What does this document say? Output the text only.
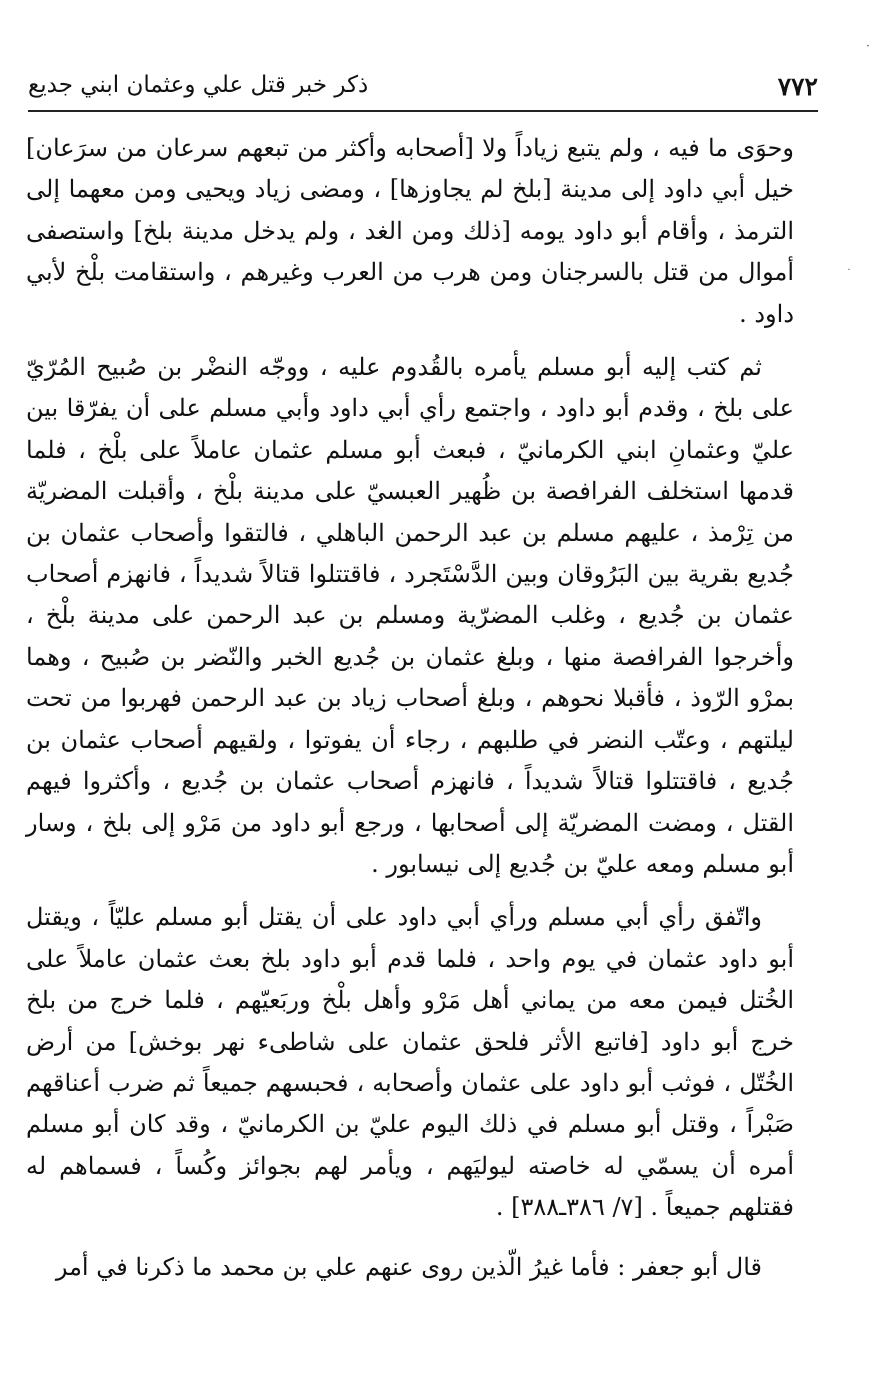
٧٧٢
ذكر خبر قتل علي وعثمان ابني جديع

وحوَى ما فيه ، ولم يتبع زياداً ولا [أصحابه وأكثر من تبعهم سرعان من سرَعان] خيل أبي داود إلى مدينة [بلخ لم يجاوزها] ، ومضى زياد ويحيى ومن معهما إلى الترمذ ، وأقام أبو داود يومه [ذلك ومن الغد ، ولم يدخل مدينة بلخ] واستصفى أموال من قتل بالسرجنان ومن هرب من العرب وغيرهم ، واستقامت بلْخ لأبي داود .

ثم كتب إليه أبو مسلم يأمره بالقُدوم عليه ، ووجّه النضْر بن صُبيح المُرّيّ على بلخ ، وقدم أبو داود ، واجتمع رأي أبي داود وأبي مسلم على أن يفرّقا بين عليّ وعثمانِ ابني الكرمانيّ ، فبعث أبو مسلم عثمان عاملاً على بلْخ ، فلما قدمها استخلف الفرافصة بن ظُهير العبسيّ على مدينة بلْخ ، وأقبلت المضريّة من تِرْمذ ، عليهم مسلم بن عبد الرحمن الباهلي ، فالتقوا وأصحاب عثمان بن جُديع بقرية بين البَرُوقان وبين الدَّسْتَجرد ، فاقتتلوا قتالاً شديداً ، فانهزم أصحاب عثمان بن جُديع ، وغلب المضرّية ومسلم بن عبد الرحمن على مدينة بلْخ ، وأخرجوا الفرافصة منها ، وبلغ عثمان بن جُديع الخبر والنّضر بن صُبيح ، وهما بمرْو الرّوذ ، فأقبلا نحوهم ، وبلغ أصحاب زياد بن عبد الرحمن فهربوا من تحت ليلتهم ، وعتّب النضر في طلبهم ، رجاء أن يفوتوا ، ولقيهم أصحاب عثمان بن جُديع ، فاقتتلوا قتالاً شديداً ، فانهزم أصحاب عثمان بن جُديع ، وأكثروا فيهم القتل ، ومضت المضريّة إلى أصحابها ، ورجع أبو داود من مَرْو إلى بلخ ، وسار أبو مسلم ومعه عليّ بن جُديع إلى نيسابور .

واتّفق رأي أبي مسلم ورأي أبي داود على أن يقتل أبو مسلم عليّاً ، ويقتل أبو داود عثمان في يوم واحد ، فلما قدم أبو داود بلخ بعث عثمان عاملاً على الخُتل فيمن معه من يماني أهل مَرْو وأهل بلْخ وربَعيّهم ، فلما خرج من بلخ خرج أبو داود [فاتبع الأثر فلحق عثمان على شاطىء نهر بوخش] من أرض الخُتّل ، فوثب أبو داود على عثمان وأصحابه ، فحبسهم جميعاً ثم ضرب أعناقهم صَبْراً ، وقتل أبو مسلم في ذلك اليوم عليّ بن الكرمانيّ ، وقد كان أبو مسلم أمره أن يسمّي له خاصته ليوليَهم ، ويأمر لهم بجوائز وكُساً ، فسماهم له فقتلهم جميعاً . [٧/ ٣٨٦ـ٣٨٨] .

قال أبو جعفر : فأما غيرُ الّذين روى عنهم علي بن محمد ما ذكرنا في أمر

˙
·
